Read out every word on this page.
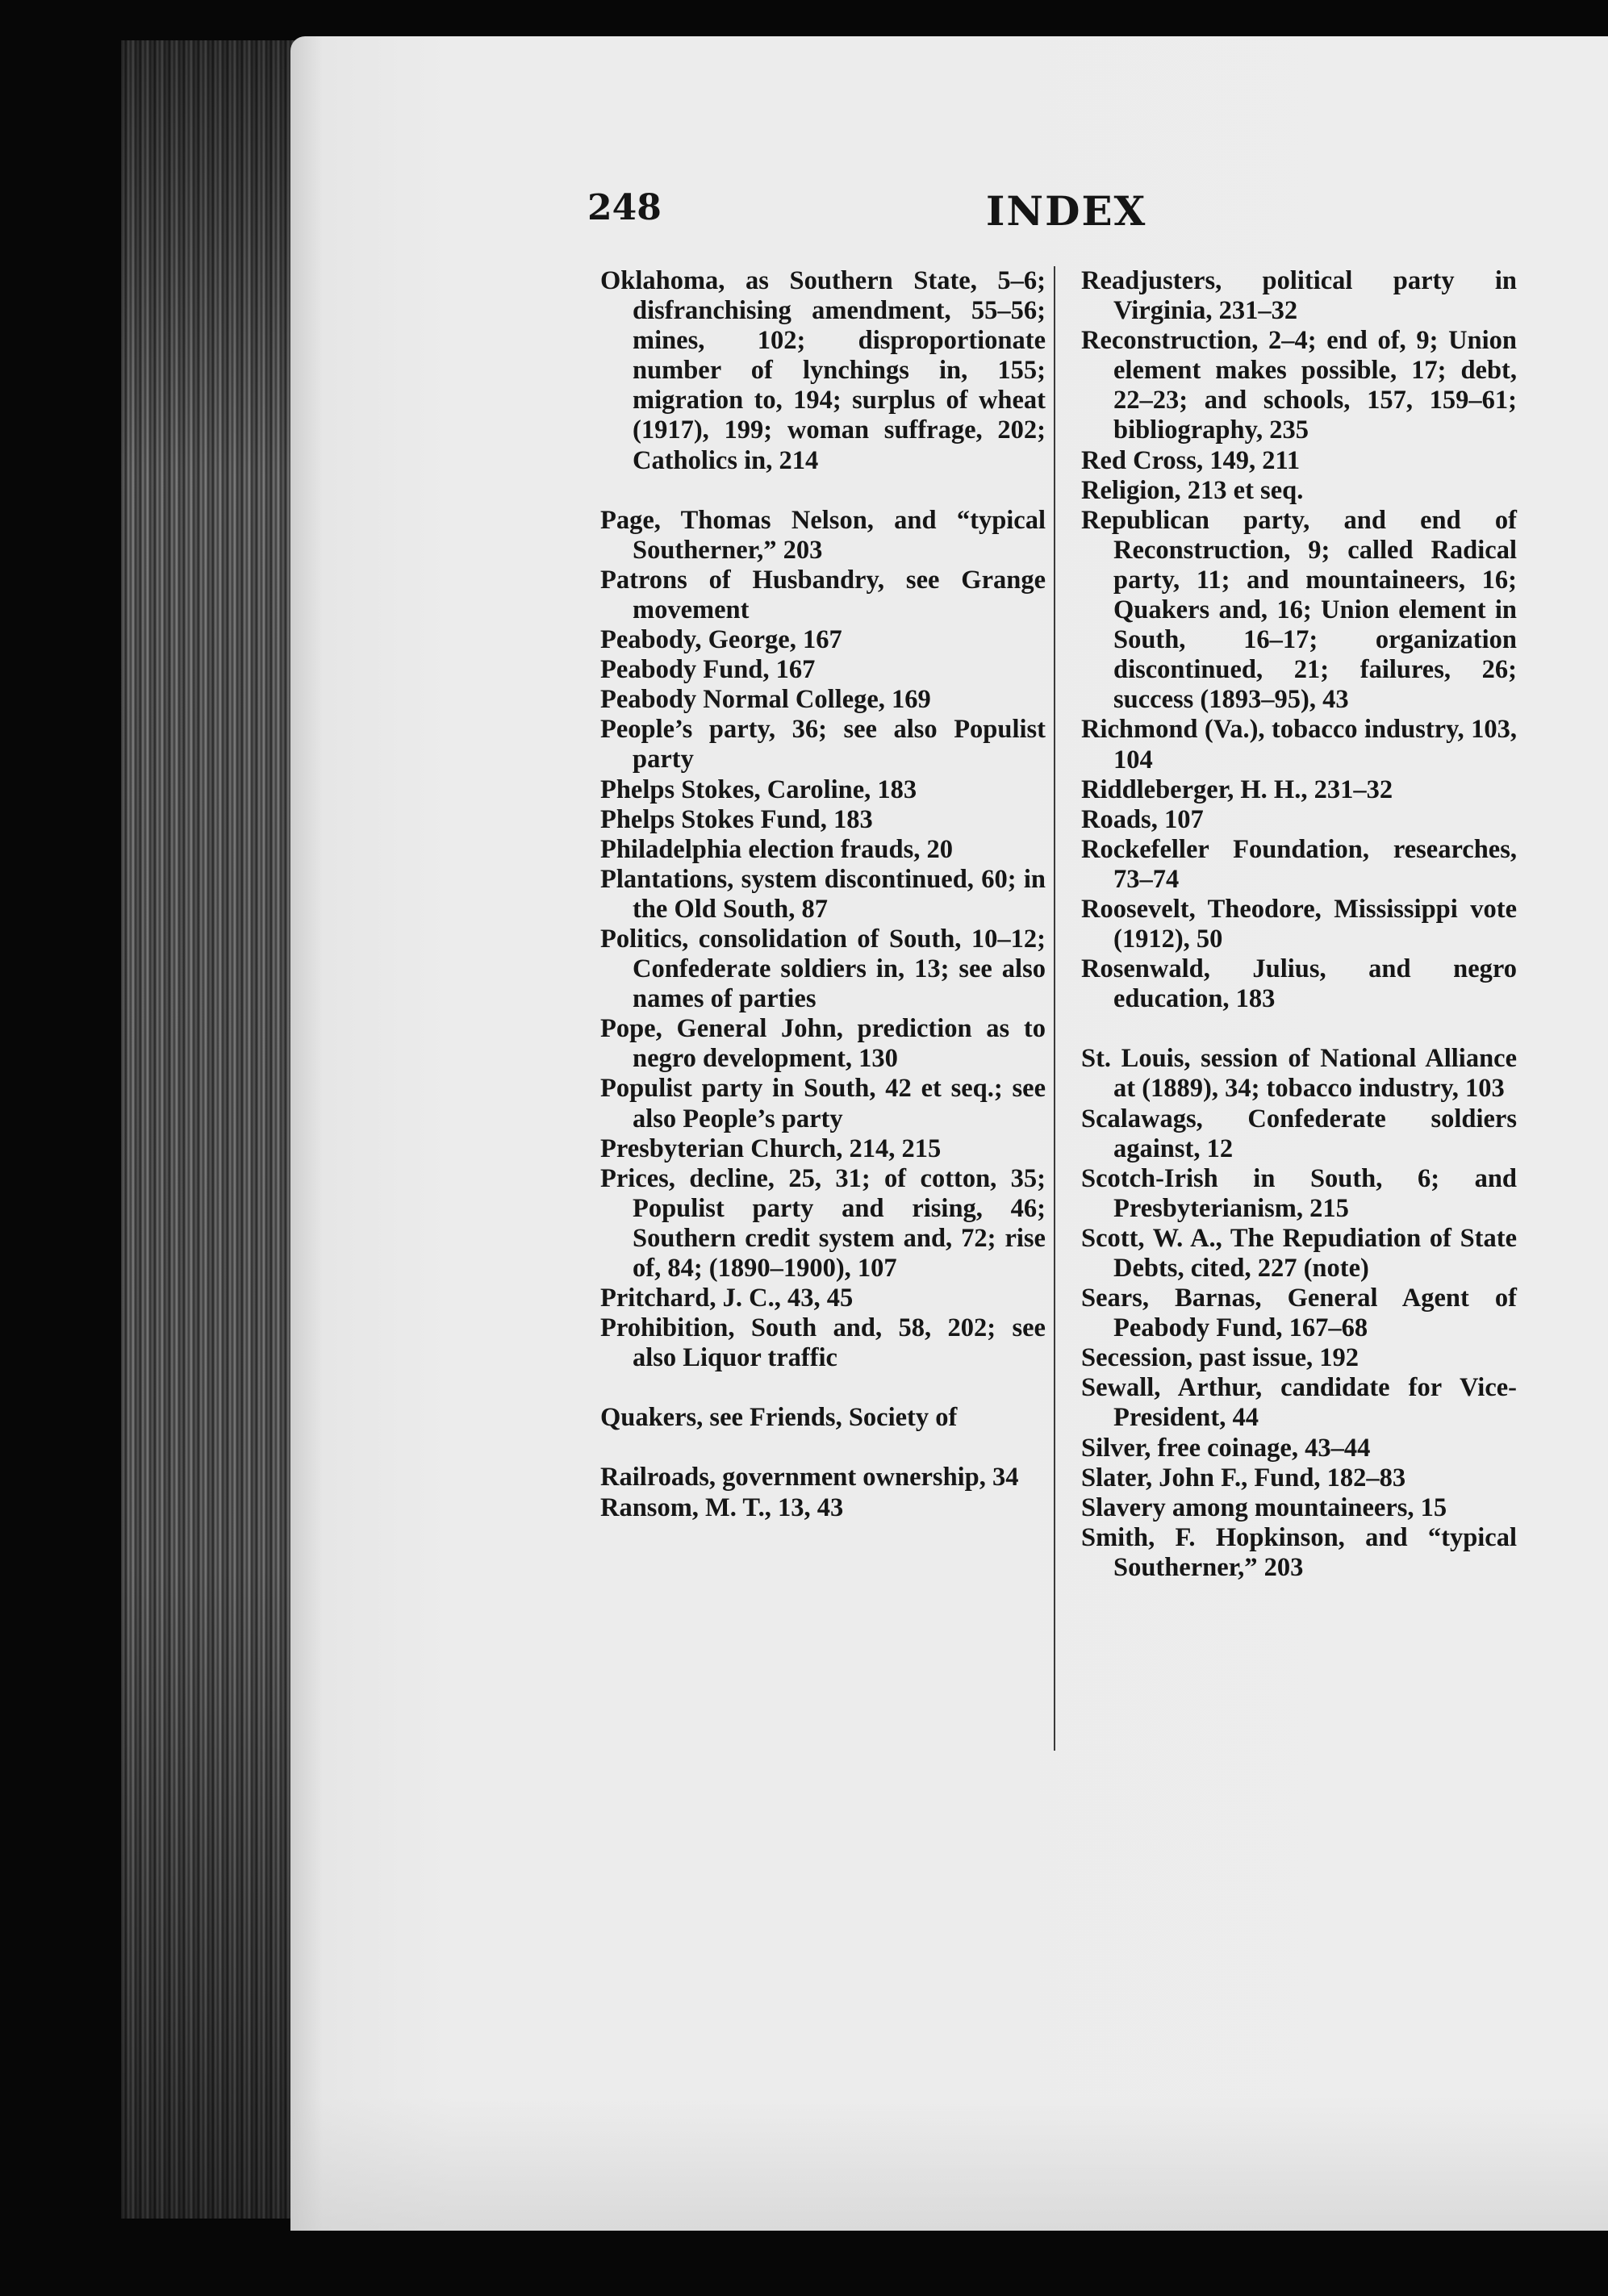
248	INDEX
Oklahoma, as Southern State, 5–6; disfranchising amendment, 55–56; mines, 102; disproportionate number of lynchings in, 155; migration to, 194; surplus of wheat (1917), 199; woman suffrage, 202; Catholics in, 214
Page, Thomas Nelson, and “typical Southerner,” 203
Patrons of Husbandry, see Grange movement
Peabody, George, 167
Peabody Fund, 167
Peabody Normal College, 169
People’s party, 36; see also Populist party
Phelps Stokes, Caroline, 183
Phelps Stokes Fund, 183
Philadelphia election frauds, 20
Plantations, system discontinued, 60; in the Old South, 87
Politics, consolidation of South, 10–12; Confederate soldiers in, 13; see also names of parties
Pope, General John, prediction as to negro development, 130
Populist party in South, 42 et seq.; see also People’s party
Presbyterian Church, 214, 215
Prices, decline, 25, 31; of cotton, 35; Populist party and rising, 46; Southern credit system and, 72; rise of, 84; (1890–1900), 107
Pritchard, J. C., 43, 45
Prohibition, South and, 58, 202; see also Liquor traffic
Quakers, see Friends, Society of
Railroads, government ownership, 34
Ransom, M. T., 13, 43
Readjusters, political party in Virginia, 231–32
Reconstruction, 2–4; end of, 9; Union element makes possible, 17; debt, 22–23; and schools, 157, 159–61; bibliography, 235
Red Cross, 149, 211
Religion, 213 et seq.
Republican party, and end of Reconstruction, 9; called Radical party, 11; and mountaineers, 16; Quakers and, 16; Union element in South, 16–17; organization discontinued, 21; failures, 26; success (1893–95), 43
Richmond (Va.), tobacco industry, 103, 104
Riddleberger, H. H., 231–32
Roads, 107
Rockefeller Foundation, researches, 73–74
Roosevelt, Theodore, Mississippi vote (1912), 50
Rosenwald, Julius, and negro education, 183
St. Louis, session of National Alliance at (1889), 34; tobacco industry, 103
Scalawags, Confederate soldiers against, 12
Scotch-Irish in South, 6; and Presbyterianism, 215
Scott, W. A., The Repudiation of State Debts, cited, 227 (note)
Sears, Barnas, General Agent of Peabody Fund, 167–68
Secession, past issue, 192
Sewall, Arthur, candidate for Vice-President, 44
Silver, free coinage, 43–44
Slater, John F., Fund, 182–83
Slavery among mountaineers, 15
Smith, F. Hopkinson, and “typical Southerner,” 203
